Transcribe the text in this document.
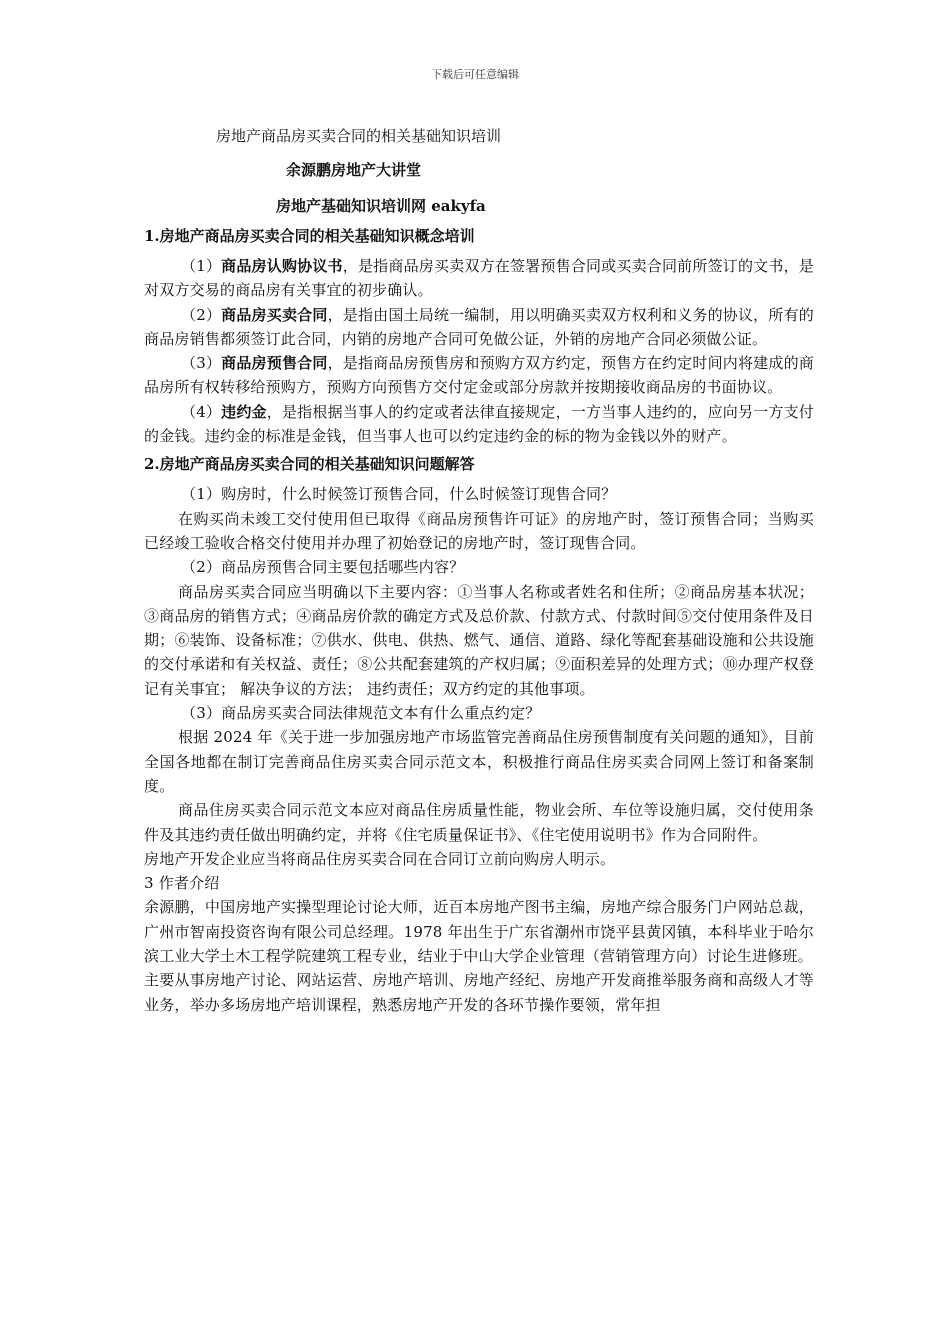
下载后可任意编辑
房地产商品房买卖合同的相关基础知识培训
余源鹏房地产大讲堂
房地产基础知识培训网 eakyfa
1.房地产商品房买卖合同的相关基础知识概念培训

（1）商品房认购协议书，是指商品房买卖双方在签署预售合同或买卖合同前所签订的文书，是对双方交易的商品房有关事宜的初步确认。

（2）商品房买卖合同，是指由国土局统一编制，用以明确买卖双方权利和义务的协议，所有的商品房销售都须签订此合同，内销的房地产合同可免做公证，外销的房地产合同必须做公证。

（3）商品房预售合同，是指商品房预售房和预购方双方约定，预售方在约定时间内将建成的商品房所有权转移给预购方，预购方向预售方交付定金或部分房款并按期接收商品房的书面协议。

（4）违约金，是指根据当事人的约定或者法律直接规定，一方当事人违约的，应向另一方支付的金钱。违约金的标准是金钱，但当事人也可以约定违约金的标的物为金钱以外的财产。

2.房地产商品房买卖合同的相关基础知识问题解答

（1）购房时，什么时候签订预售合同，什么时候签订现售合同？

在购买尚未竣工交付使用但已取得《商品房预售许可证》的房地产时，签订预售合同；当购买已经竣工验收合格交付使用并办理了初始登记的房地产时，签订现售合同。

（2）商品房预售合同主要包括哪些内容？

商品房买卖合同应当明确以下主要内容：①当事人名称或者姓名和住所；②商品房基本状况；③商品房的销售方式；④商品房价款的确定方式及总价款、付款方式、付款时间⑤交付使用条件及日期；⑥装饰、设备标准；⑦供水、供电、供热、燃气、通信、道路、绿化等配套基础设施和公共设施的交付承诺和有关权益、责任；⑧公共配套建筑的产权归属；⑨面积差异的处理方式；⑩办理产权登记有关事宜； 解决争议的方法； 违约责任；双方约定的其他事项。

（3）商品房买卖合同法律规范文本有什么重点约定？

根据 2024 年《关于进一步加强房地产市场监管完善商品住房预售制度有关问题的通知》，目前全国各地都在制订完善商品住房买卖合同示范文本，积极推行商品住房买卖合同网上签订和备案制度。

商品住房买卖合同示范文本应对商品住房质量性能，物业会所、车位等设施归属，交付使用条件及其违约责任做出明确约定，并将《住宅质量保证书》、《住宅使用说明书》作为合同附件。

房地产开发企业应当将商品住房买卖合同在合同订立前向购房人明示。

3 作者介绍

余源鹏，中国房地产实操型理论讨论大师，近百本房地产图书主编，房地产综合服务门户网站总裁，广州市智南投资咨询有限公司总经理。1978 年出生于广东省潮州市饶平县黄冈镇，本科毕业于哈尔滨工业大学土木工程学院建筑工程专业，结业于中山大学企业管理（营销管理方向）讨论生进修班。

主要从事房地产讨论、网站运营、房地产培训、房地产经纪、房地产开发商推举服务商和高级人才等业务，举办多场房地产培训课程，熟悉房地产开发的各环节操作要领，常年担
